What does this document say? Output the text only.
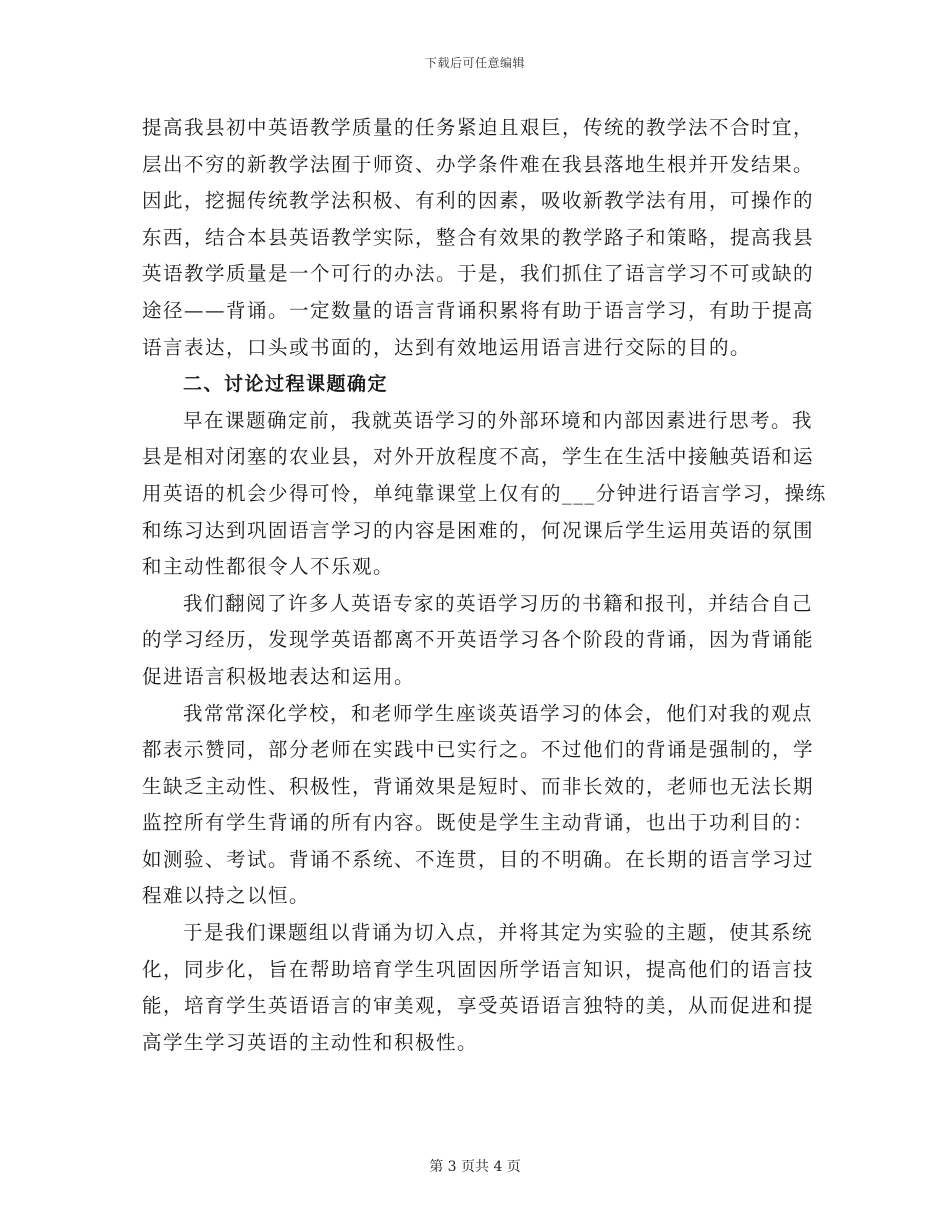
下载后可任意编辑

提高我县初中英语教学质量的任务紧迫且艰巨，传统的教学法不合时宜，层出不穷的新教学法囿于师资、办学条件难在我县落地生根并开发结果。因此，挖掘传统教学法积极、有利的因素，吸收新教学法有用，可操作的东西，结合本县英语教学实际，整合有效果的教学路子和策略，提高我县英语教学质量是一个可行的办法。于是，我们抓住了语言学习不可或缺的途径——背诵。一定数量的语言背诵积累将有助于语言学习，有助于提高语言表达，口头或书面的，达到有效地运用语言进行交际的目的。

二、讨论过程课题确定

早在课题确定前，我就英语学习的外部环境和内部因素进行思考。我县是相对闭塞的农业县，对外开放程度不高，学生在生活中接触英语和运用英语的机会少得可怜，单纯靠课堂上仅有的___分钟进行语言学习，操练和练习达到巩固语言学习的内容是困难的，何况课后学生运用英语的氛围和主动性都很令人不乐观。

我们翻阅了许多人英语专家的英语学习历的书籍和报刊，并结合自己的学习经历，发现学英语都离不开英语学习各个阶段的背诵，因为背诵能促进语言积极地表达和运用。

我常常深化学校，和老师学生座谈英语学习的体会，他们对我的观点都表示赞同，部分老师在实践中已实行之。不过他们的背诵是强制的，学生缺乏主动性、积极性，背诵效果是短时、而非长效的，老师也无法长期监控所有学生背诵的所有内容。既使是学生主动背诵，也出于功利目的：如测验、考试。背诵不系统、不连贯，目的不明确。在长期的语言学习过程难以持之以恒。

于是我们课题组以背诵为切入点，并将其定为实验的主题，使其系统化，同步化，旨在帮助培育学生巩固因所学语言知识，提高他们的语言技能，培育学生英语语言的审美观，享受英语语言独特的美，从而促进和提高学生学习英语的主动性和积极性。

第 3 页共 4 页
